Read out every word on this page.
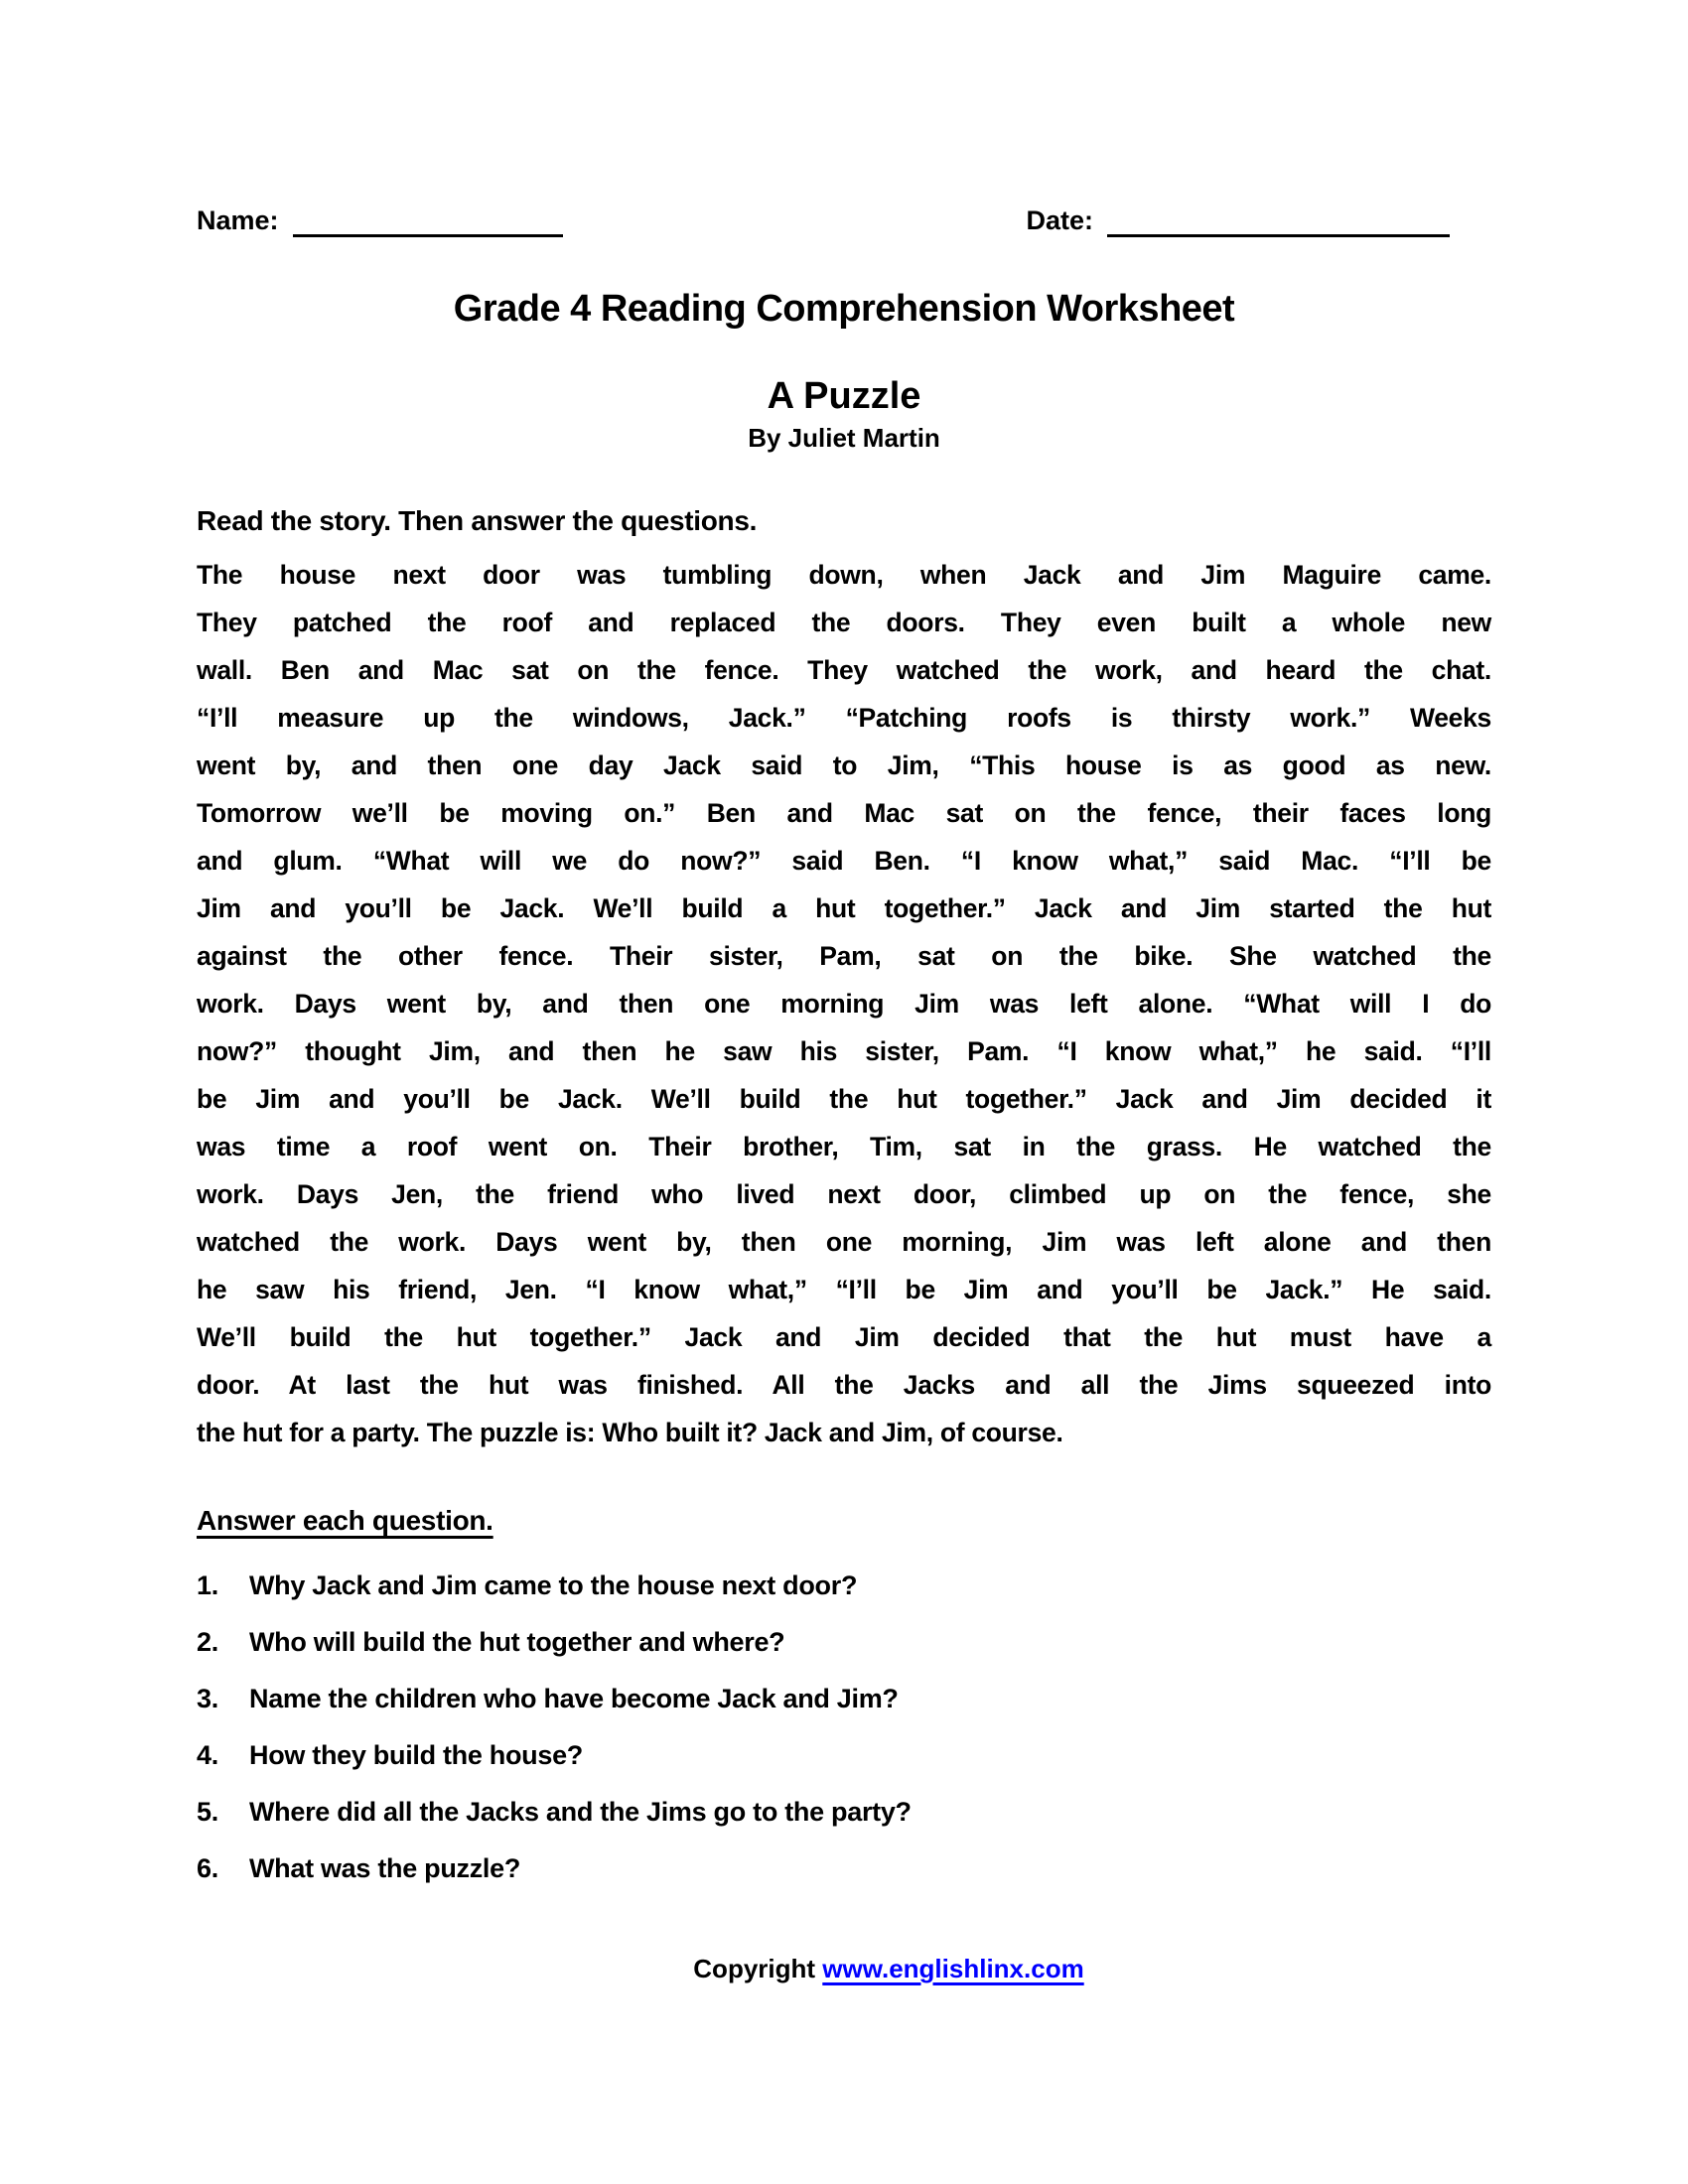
Name:	Date:
Grade 4 Reading Comprehension Worksheet
A Puzzle
By Juliet Martin
Read the story. Then answer the questions.
The house next door was tumbling down, when Jack and Jim Maguire came.
They patched the roof and replaced the doors. They even built a whole new
wall. Ben and Mac sat on the fence. They watched the work, and heard the chat.
“I’ll measure up the windows, Jack.” “Patching roofs is thirsty work.” Weeks
went by, and then one day Jack said to Jim, “This house is as good as new.
Tomorrow we’ll be moving on.” Ben and Mac sat on the fence, their faces long
and glum. “What will we do now?” said Ben. “I know what,” said Mac. “I’ll be
Jim and you’ll be Jack. We’ll build a hut together.” Jack and Jim started the hut
against the other fence. Their sister, Pam, sat on the bike. She watched the
work. Days went by, and then one morning Jim was left alone. “What will I do
now?” thought Jim, and then he saw his sister, Pam. “I know what,” he said. “I’ll
be Jim and you’ll be Jack. We’ll build the hut together.” Jack and Jim decided it
was time a roof went on. Their brother, Tim, sat in the grass. He watched the
work. Days Jen, the friend who lived next door, climbed up on the fence, she
watched the work. Days went by, then one morning, Jim was left alone and then
he saw his friend, Jen. “I know what,” “I’ll be Jim and you’ll be Jack.” He said.
We’ll build the hut together.” Jack and Jim decided that the hut must have a
door. At last the hut was finished. All the Jacks and all the Jims squeezed into
the hut for a party. The puzzle is: Who built it? Jack and Jim, of course.
Answer each question.
1.	Why Jack and Jim came to the house next door?
2.	Who will build the hut together and where?
3.	Name the children who have become Jack and Jim?
4.	How they build the house?
5.	Where did all the Jacks and the Jims go to the party?
6.	What was the puzzle?
Copyright www.englishlinx.com
